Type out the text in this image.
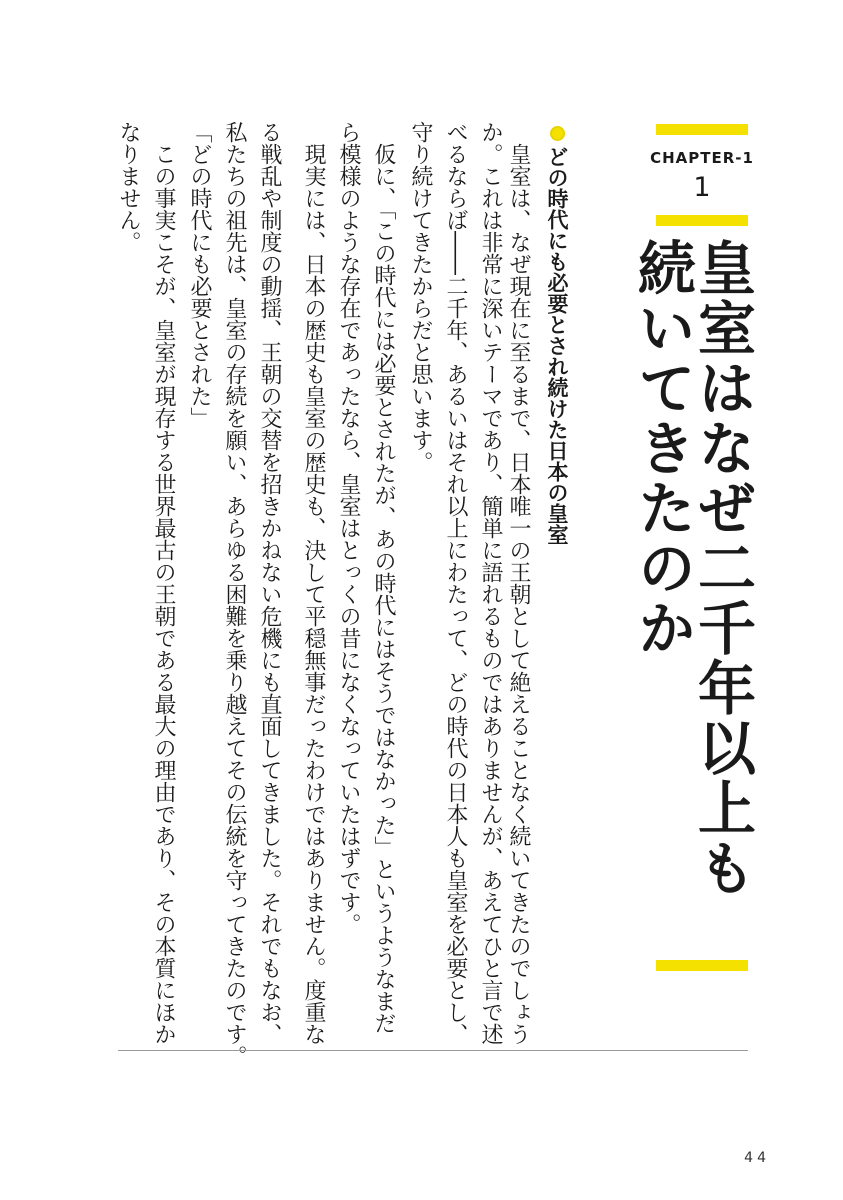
CHAPTER-1
1
皇室はなぜ二千年以上も
続いてきたのか
どの時代にも必要とされ続けた日本の皇室
皇室は、なぜ現在に至るまで、日本唯一の王朝として絶えることなく続いてきたのでしょう
か。これは非常に深いテーマであり、簡単に語れるものではありませんが、あえてひと言で述
べるならば――二千年、あるいはそれ以上にわたって、どの時代の日本人も皇室を必要とし、
守り続けてきたからだと思います。
仮に、「この時代には必要とされたが、あの時代にはそうではなかった」というようなまだ
ら模様のような存在であったなら、皇室はとっくの昔になくなっていたはずです。
現実には、日本の歴史も皇室の歴史も、決して平穏無事だったわけではありません。度重な
る戦乱や制度の動揺、王朝の交替を招きかねない危機にも直面してきました。それでもなお、
私たちの祖先は、皇室の存続を願い、あらゆる困難を乗り越えてその伝統を守ってきたのです。
「どの時代にも必要とされた」
この事実こそが、皇室が現存する世界最古の王朝である最大の理由であり、その本質にほか
なりません。
44
